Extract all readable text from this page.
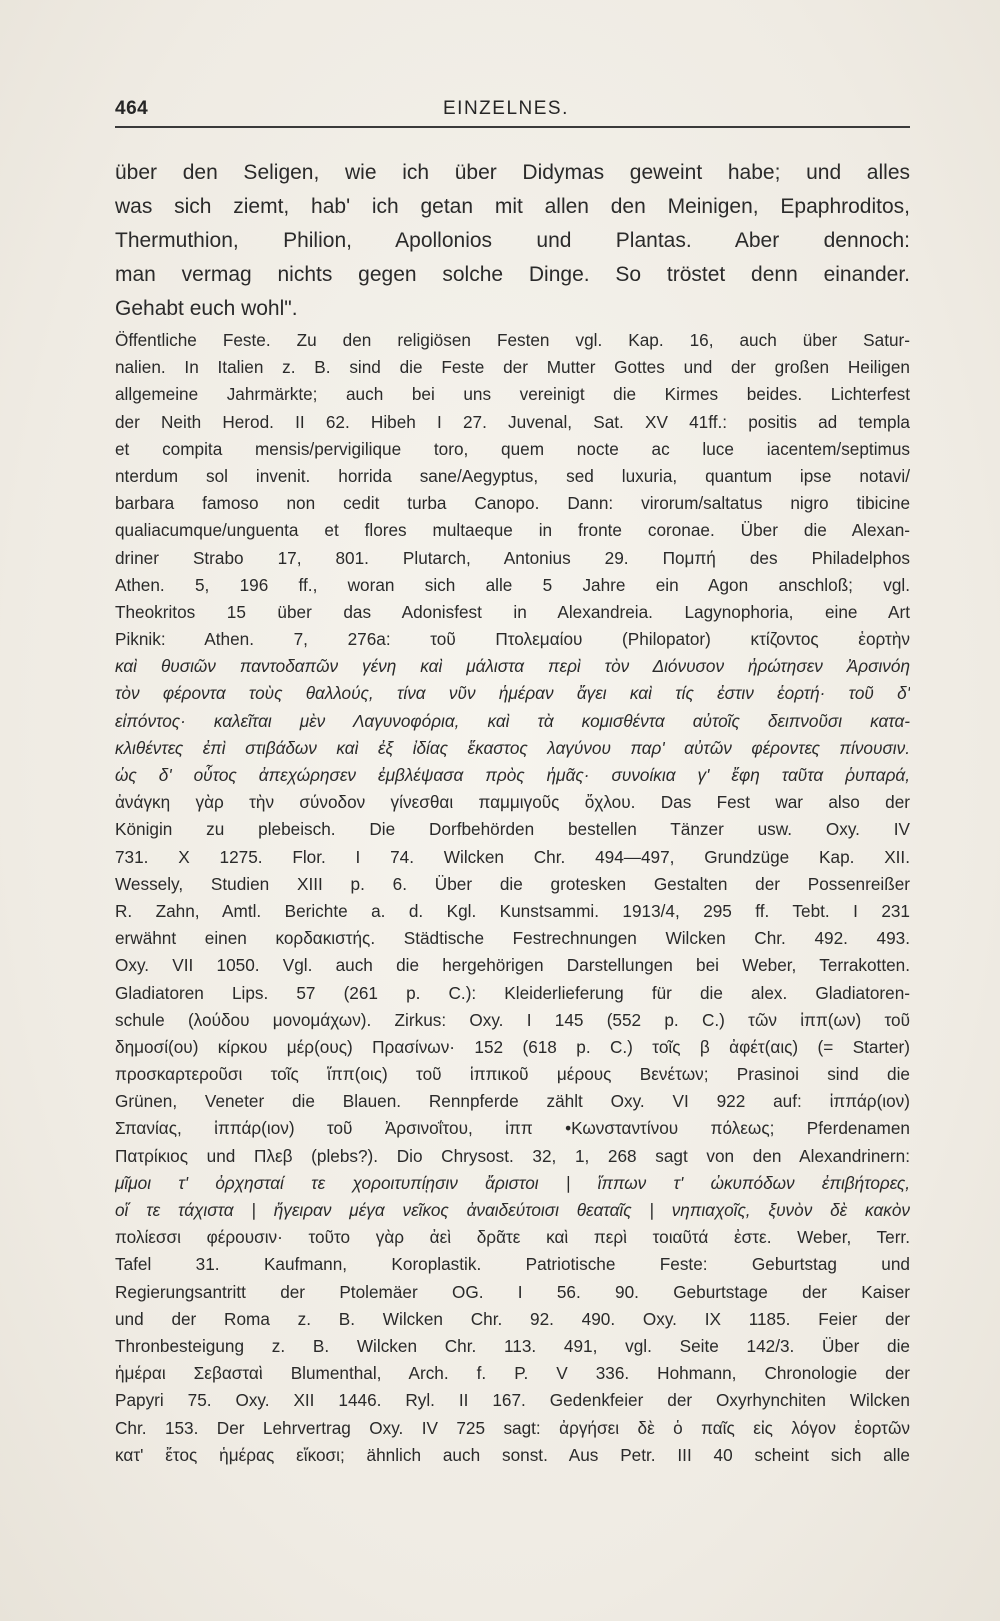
464	EINZELNES.
über den Seligen, wie ich über Didymas geweint habe; und alles
was sich ziemt, hab' ich getan mit allen den Meinigen, Epaphroditos,
Thermuthion, Philion, Apollonios und Plantas. Aber dennoch:
man vermag nichts gegen solche Dinge. So tröstet denn einander.
Gehabt euch wohl".
Öffentliche Feste. Zu den religiösen Festen vgl. Kap. 16, auch über Satur-
nalien. In Italien z. B. sind die Feste der Mutter Gottes und der großen Heiligen
allgemeine Jahrmärkte; auch bei uns vereinigt die Kirmes beides. Lichterfest
der Neith Herod. II 62. Hibeh I 27. Juvenal, Sat. XV 41ff.: positis ad templa
et compita mensis/pervigilique toro, quem nocte ac luce iacentem/septimus
nterdum sol invenit. horrida sane/Aegyptus, sed luxuria, quantum ipse notavi/
barbara famoso non cedit turba Canopo. Dann: virorum/saltatus nigro tibicine
qualiacumque/unguenta et flores multaeque in fronte coronae. Über die Alexan-
driner Strabo 17, 801. Plutarch, Antonius 29. Πομπή des Philadelphos
Athen. 5, 196 ff., woran sich alle 5 Jahre ein Agon anschloß; vgl.
Theokritos 15 über das Adonisfest in Alexandreia. Lagynophoria, eine Art
Piknik: Athen. 7, 276a: τοῦ Πτολεμαίου (Philopator) κτίζοντος ἑορτὴν
καὶ θυσιῶν παντοδαπῶν γένη καὶ μάλιστα περὶ τὸν Διόνυσον ἠρώτησεν Ἀρσινόη
τὸν φέροντα τοὺς θαλλούς, τίνα νῦν ἡμέραν ἄγει καὶ τίς ἐστιν ἑορτή· τοῦ δ'
εἰπόντος· καλεῖται μὲν Λαγυνοφόρια, καὶ τὰ κομισθέντα αὐτοῖς δειπνοῦσι κατα-
κλιθέντες ἐπὶ στιβάδων καὶ ἐξ ἰδίας ἕκαστος λαγύνου παρ' αὐτῶν φέροντες πίνουσιν.
ὡς δ' οὗτος ἀπεχώρησεν ἐμβλέψασα πρὸς ἡμᾶς· συνοίκια γ' ἔφη ταῦτα ῥυπαρά,
ἀνάγκη γὰρ τὴν σύνοδον γίνεσθαι παμμιγοῦς ὄχλου. Das Fest war also der
Königin zu plebeisch. Die Dorfbehörden bestellen Tänzer usw. Oxy. IV
731. X 1275. Flor. I 74. Wilcken Chr. 494—497, Grundzüge Kap. XII.
Wessely, Studien XIII p. 6. Über die grotesken Gestalten der Possenreißer
R. Zahn, Amtl. Berichte a. d. Kgl. Kunstsammi. 1913/4, 295 ff. Tebt. I 231
erwähnt einen κορδακιστής. Städtische Festrechnungen Wilcken Chr. 492. 493.
Oxy. VII 1050. Vgl. auch die hergehörigen Darstellungen bei Weber, Terrakotten.
Gladiatoren Lips. 57 (261 p. C.): Kleiderlieferung für die alex. Gladiatoren-
schule (λούδου μονομάχων). Zirkus: Oxy. I 145 (552 p. C.) τῶν ἱππ(ων) τοῦ
δημοσί(ου) κίρκου μέρ(ους) Πρασίνων· 152 (618 p. C.) τοῖς β ἀφέτ(αις) (= Starter)
προσκαρτεροῦσι τοῖς ἵππ(οις) τοῦ ἱππικοῦ μέρους Βενέτων; Prasinoi sind die
Grünen, Veneter die Blauen. Rennpferde zählt Oxy. VI 922 auf: ἱππάρ(ιον)
Σπανίας, ἱππάρ(ιον) τοῦ Ἀρσινοΐτου, ἱππ •Κωνσταντίνου πόλεως; Pferdenamen
Πατρίκιος und Πλεβ (plebs?). Dio Chrysost. 32, 1, 268 sagt von den Alexandrinern:
μῖμοι τ' ὀρχησταί τε χοροιτυπίῃσιν ἄριστοι | ἵππων τ' ὠκυπόδων ἐπιβήτορες,
οἵ τε τάχιστα | ἤγειραν μέγα νεῖκος ἀναιδεύτοισι θεαταῖς | νηπιαχοῖς, ξυνὸν δὲ κακὸν
πολίεσσι φέρουσιν· τοῦτο γὰρ ἀεὶ δρᾶτε καὶ περὶ τοιαῦτά ἐστε. Weber, Terr.
Tafel 31. Kaufmann, Koroplastik. Patriotische Feste: Geburtstag und
Regierungsantritt der Ptolemäer OG. I 56. 90. Geburtstage der Kaiser
und der Roma z. B. Wilcken Chr. 92. 490. Oxy. IX 1185. Feier der
Thronbesteigung z. B. Wilcken Chr. 113. 491, vgl. Seite 142/3. Über die
ἡμέραι Σεβασταὶ Blumenthal, Arch. f. P. V 336. Hohmann, Chronologie der
Papyri 75. Oxy. XII 1446. Ryl. II 167. Gedenkfeier der Oxyrhynchiten Wilcken
Chr. 153. Der Lehrvertrag Oxy. IV 725 sagt: ἀργήσει δὲ ὁ παῖς εἰς λόγον ἑορτῶν
κατ' ἔτος ἡμέρας εἴκοσι; ähnlich auch sonst. Aus Petr. III 40 scheint sich alle
